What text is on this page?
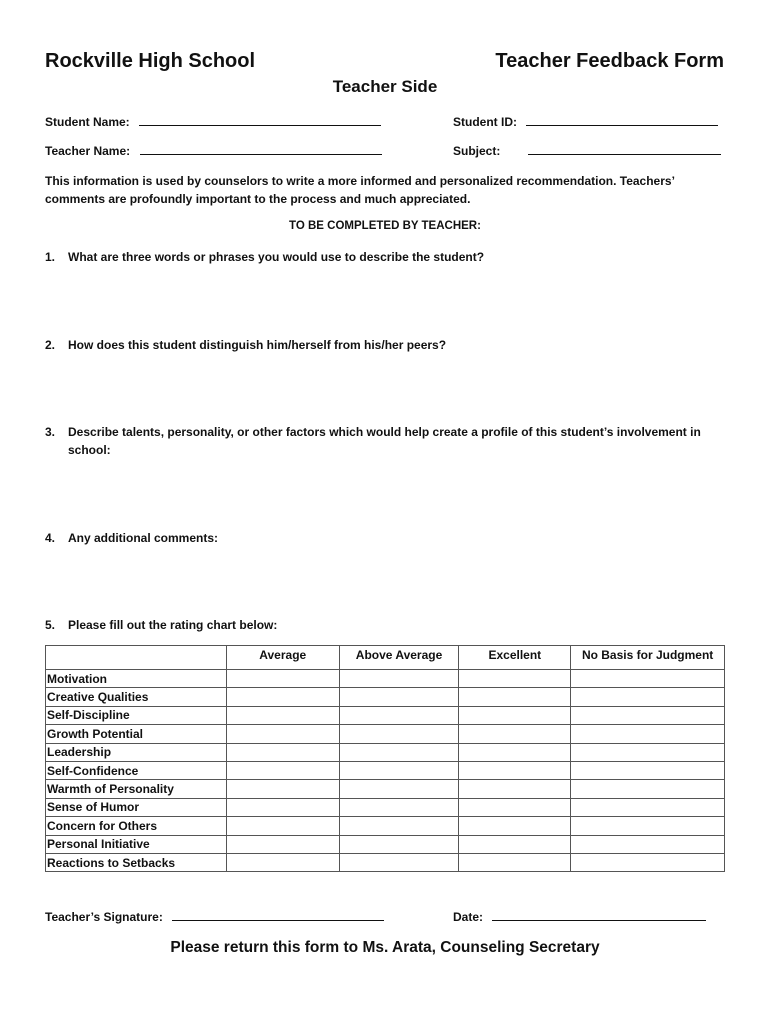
Rockville High School	Teacher Feedback Form
Teacher Side
Student Name:	Student ID:
Teacher Name:	Subject:
This information is used by counselors to write a more informed and personalized recommendation. Teachers’ comments are profoundly important to the process and much appreciated.
TO BE COMPLETED BY TEACHER:
1.	What are three words or phrases you would use to describe the student?
2.	How does this student distinguish him/herself from his/her peers?
3.	Describe talents, personality, or other factors which would help create a profile of this student’s involvement in school:
4.	Any additional comments:
5.	Please fill out the rating chart below:
	Average	Above Average	Excellent	No Basis for Judgment
Motivation				
Creative Qualities				
Self-Discipline				
Growth Potential				
Leadership				
Self-Confidence				
Warmth of Personality				
Sense of Humor				
Concern for Others				
Personal Initiative				
Reactions to Setbacks				
Teacher’s Signature:	Date:
Please return this form to Ms. Arata, Counseling Secretary
